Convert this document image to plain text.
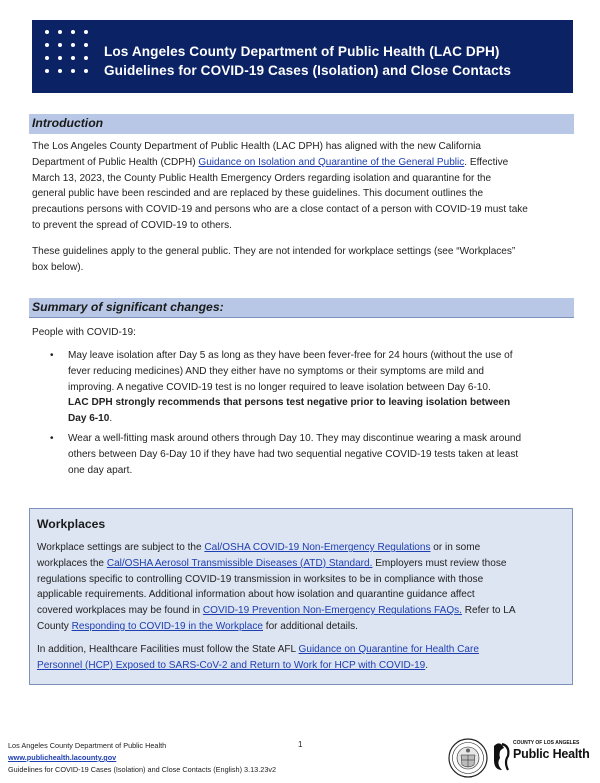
Los Angeles County Department of Public Health (LAC DPH)
Guidelines for COVID-19 Cases (Isolation) and Close Contacts
Introduction
The Los Angeles County Department of Public Health (LAC DPH) has aligned with the new California
Department of Public Health (CDPH) Guidance on Isolation and Quarantine of the General Public. Effective
March 13, 2023, the County Public Health Emergency Orders regarding isolation and quarantine for the
general public have been rescinded and are replaced by these guidelines. This document outlines the
precautions persons with COVID-19 and persons who are a close contact of a person with COVID-19 must take
to prevent the spread of COVID-19 to others.
These guidelines apply to the general public. They are not intended for workplace settings (see “Workplaces”
box below).
Summary of significant changes:
People with COVID-19:
• May leave isolation after Day 5 as long as they have been fever-free for 24 hours (without the use of
fever reducing medicines) AND they either have no symptoms or their symptoms are mild and
improving. A negative COVID-19 test is no longer required to leave isolation between Day 6-10.
LAC DPH strongly recommends that persons test negative prior to leaving isolation between
Day 6-10.
• Wear a well-fitting mask around others through Day 10. They may discontinue wearing a mask around
others between Day 6-Day 10 if they have had two sequential negative COVID-19 tests taken at least
one day apart.
Workplaces
Workplace settings are subject to the Cal/OSHA COVID-19 Non-Emergency Regulations or in some
workplaces the Cal/OSHA Aerosol Transmissible Diseases (ATD) Standard. Employers must review those
regulations specific to controlling COVID-19 transmission in worksites to be in compliance with those
applicable requirements. Additional information about how isolation and quarantine guidance affect
covered workplaces may be found in COVID-19 Prevention Non-Emergency Regulations FAQs. Refer to LA
County Responding to COVID-19 in the Workplace for additional details.
In addition, Healthcare Facilities must follow the State AFL Guidance on Quarantine for Health Care
Personnel (HCP) Exposed to SARS-CoV-2 and Return to Work for HCP with COVID-19.
Los Angeles County Department of Public Health
www.publichealth.lacounty.gov
Guidelines for COVID-19 Cases (Isolation) and Close Contacts (English) 3.13.23v2
1	COUNTY OF LOS ANGELES
Public Health
